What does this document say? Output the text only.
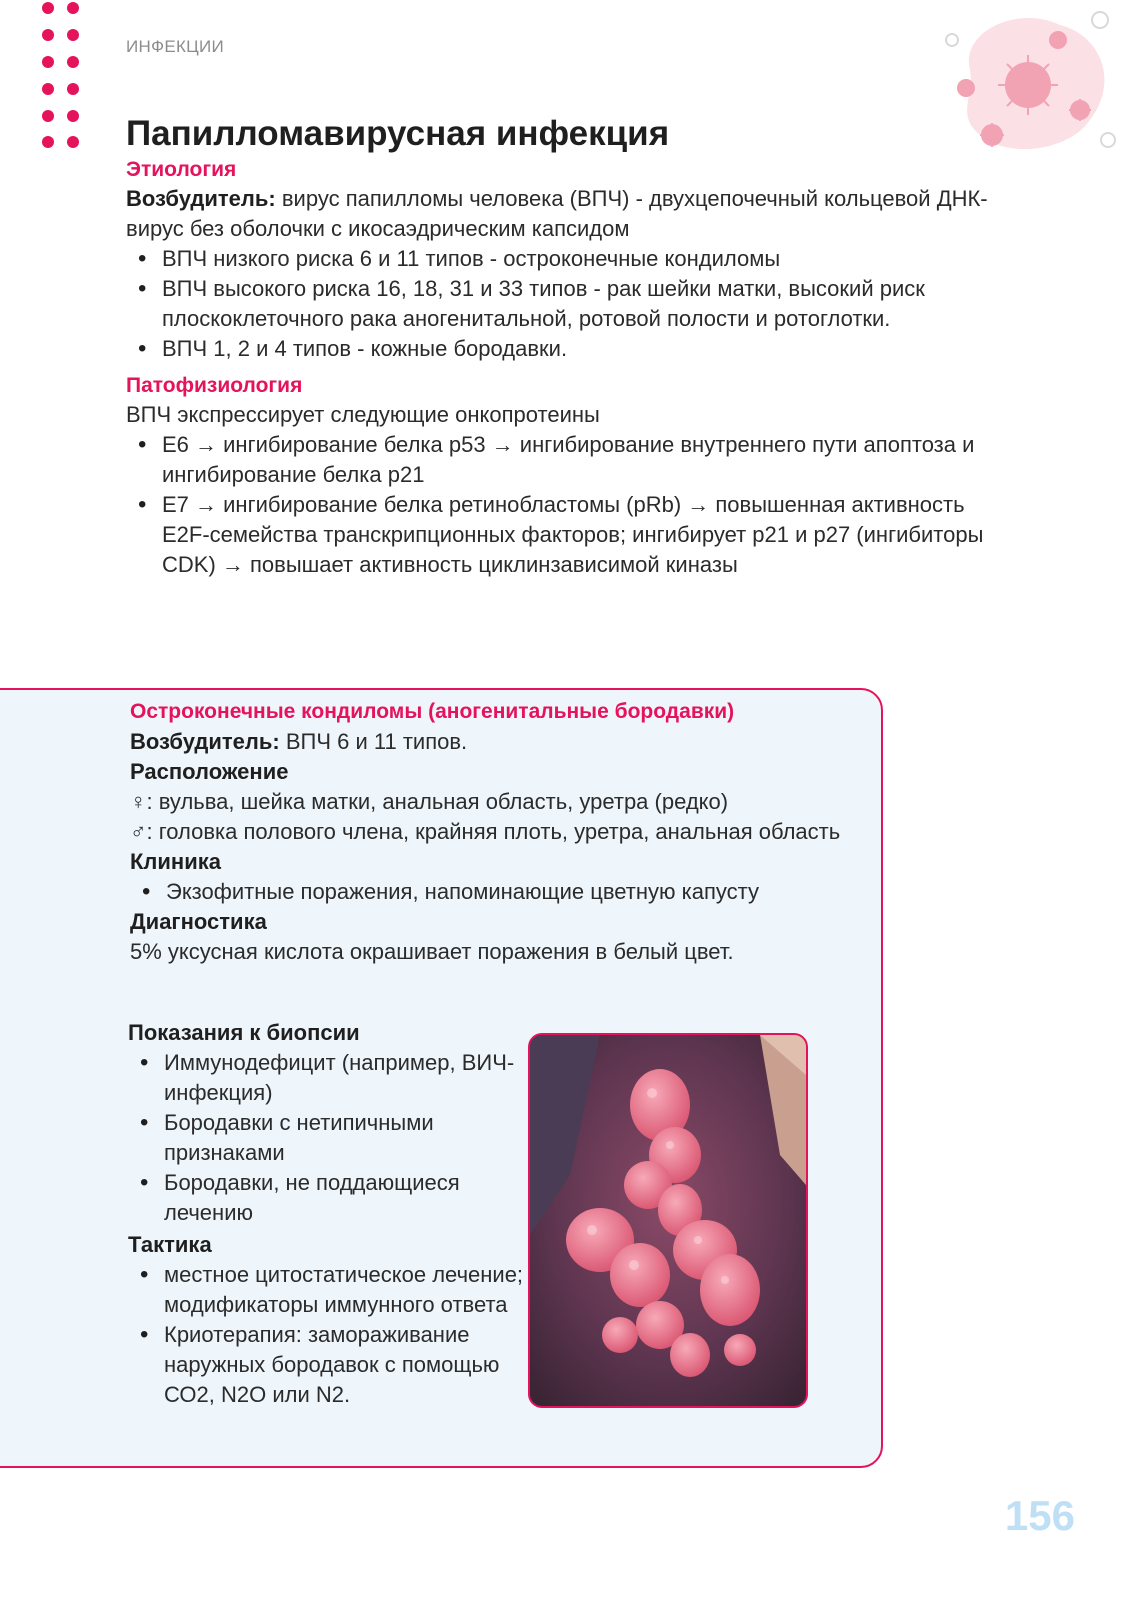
ИНФЕКЦИИ
Папилломавирусная инфекция
Этиология
Возбудитель: вирус папилломы человека (ВПЧ) - двухцепочечный кольцевой ДНК-вирус без оболочки с икосаэдрическим капсидом
• ВПЧ низкого риска 6 и 11 типов - остроконечные кондиломы
• ВПЧ высокого риска 16, 18, 31 и 33 типов - рак шейки матки, высокий риск плоскоклеточного рака аногенитальной, ротовой полости и ротоглотки.
• ВПЧ 1, 2 и 4 типов - кожные бородавки.
Патофизиология
ВПЧ экспрессирует следующие онкопротеины
• Е6 → ингибирование белка р53 → ингибирование внутреннего пути апоптоза и ингибирование белка р21
• Е7 → ингибирование белка ретинобластомы (pRb) → повышенная активность E2F-семейства транскрипционных факторов; ингибирует р21 и р27 (ингибиторы CDK) → повышает активность циклинзависимой киназы
Остроконечные кондиломы (аногенитальные бородавки)
Возбудитель: ВПЧ 6 и 11 типов.
Расположение
♀: вульва, шейка матки, анальная область, уретра (редко)
♂: головка полового члена, крайняя плоть, уретра, анальная область
Клиника
• Экзофитные поражения, напоминающие цветную капусту
Диагностика
5% уксусная кислота окрашивает поражения в белый цвет.
Показания к биопсии
• Иммунодефицит (например, ВИЧ-инфекция)
• Бородавки с нетипичными признаками
• Бородавки, не поддающиеся лечению
Тактика
• местное цитостатическое лечение; модификаторы иммунного ответа
• Криотерапия: замораживание наружных бородавок с помощью СО2, N2O или N2.
156
